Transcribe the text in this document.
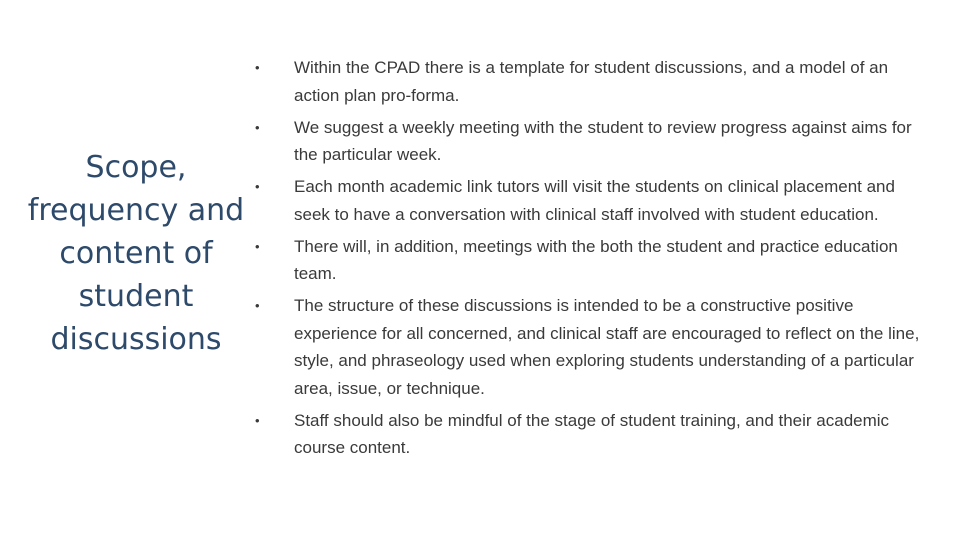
Scope,
frequency and
content of
student
discussions
• Within the CPAD there is a template for student discussions, and a model of an action plan pro-forma.
• We suggest a weekly meeting with the student to review progress against aims for the particular week.
• Each month academic link tutors will visit the students on clinical placement and seek to have a conversation with clinical staff involved with student education.
• There will, in addition, meetings with the both the student and practice education team.
• The structure of these discussions is intended to be a constructive positive experience for all concerned, and clinical staff are encouraged to reflect on the line, style, and phraseology used when exploring students understanding of a particular area, issue, or technique.
• Staff should also be mindful of the stage of student training, and their academic course content.
